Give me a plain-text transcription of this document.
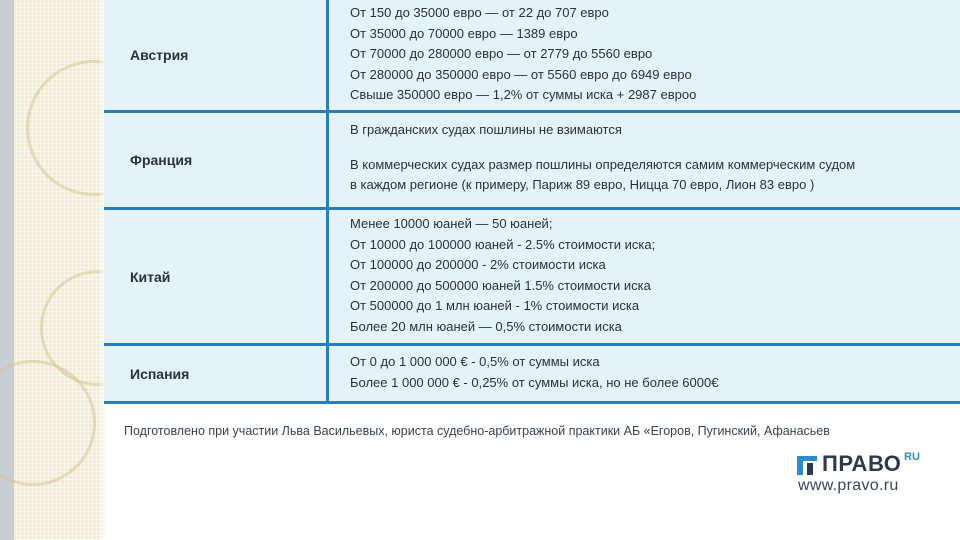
Австрия
От 150 до 35000 евро — от 22 до 707 евро
От 35000 до 70000 евро — 1389 евро
От 70000 до 280000 евро — от 2779 до 5560 евро
От 280000 до 350000 евро — от 5560 евро до 6949 евро
Свыше 350000 евро — 1,2% от суммы иска + 2987 евроо
Франция
В гражданских судах пошлины не взимаются
В коммерческих судах размер пошлины определяются самим коммерческим судом
в каждом регионе (к примеру, Париж 89 евро, Ницца 70 евро, Лион 83 евро )
Китай
Менее 10000 юаней — 50 юаней;
От 10000 до 100000 юаней - 2.5% стоимости иска;
От 100000 до 200000 - 2% стоимости иска
От 200000 до 500000 юаней 1.5% стоимости иска
От 500000 до 1 млн юаней - 1% стоимости иска
Более 20 млн юаней — 0,5% стоимости иска
Испания
От 0 до 1 000 000 € - 0,5% от суммы иска
Более 1 000 000 € - 0,25% от суммы иска, но не более 6000€
Подготовлено при участии Льва Васильевых, юриста судебно-арбитражной практики АБ «Егоров, Пугинский, Афанасьев
ПРАВО RU
www.pravo.ru
